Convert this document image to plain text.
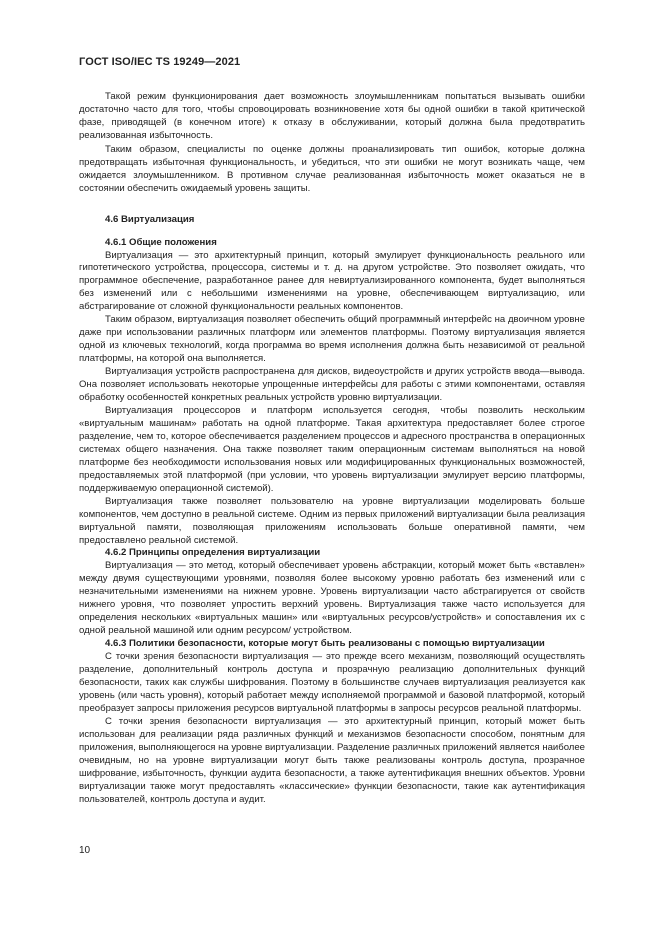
ГОСТ ISO/IEC TS 19249—2021

Такой режим функционирования дает возможность злоумышленникам попытаться вызывать ошибки достаточно часто для того, чтобы спровоцировать возникновение хотя бы одной ошибки в такой критической фазе, приводящей (в конечном итоге) к отказу в обслуживании, который должна была предотвратить реализованная избыточность.

Таким образом, специалисты по оценке должны проанализировать тип ошибок, которые должна предотвращать избыточная функциональность, и убедиться, что эти ошибки не могут возникать чаще, чем ожидается злоумышленником. В противном случае реализованная избыточность может оказаться не в состоянии обеспечить ожидаемый уровень защиты.

4.6 Виртуализация
4.6.1 Общие положения

Виртуализация — это архитектурный принцип, который эмулирует функциональность реального или гипотетического устройства, процессора, системы и т. д. на другом устройстве. Это позволяет ожидать, что программное обеспечение, разработанное ранее для невиртуализированного компонента, будет выполняться без изменений или с небольшими изменениями на уровне, обеспечивающем виртуализацию, или абстрагирование от сложной функциональности реальных компонентов.

Таким образом, виртуализация позволяет обеспечить общий программный интерфейс на двоичном уровне даже при использовании различных платформ или элементов платформы. Поэтому виртуализация является одной из ключевых технологий, когда программа во время исполнения должна быть независимой от реальной платформы, на которой она выполняется.

Виртуализация устройств распространена для дисков, видеоустройств и других устройств ввода—вывода. Она позволяет использовать некоторые упрощенные интерфейсы для работы с этими компонентами, оставляя обработку особенностей конкретных реальных устройств уровню виртуализации.

Виртуализация процессоров и платформ используется сегодня, чтобы позволить нескольким «виртуальным машинам» работать на одной платформе. Такая архитектура предоставляет более строгое разделение, чем то, которое обеспечивается разделением процессов и адресного пространства в операционных системах общего назначения. Она также позволяет таким операционным системам выполняться на новой платформе без необходимости использования новых или модифицированных функциональных возможностей, предоставляемых этой платформой (при условии, что уровень виртуализации эмулирует версию платформы, поддерживаемую операционной системой).

Виртуализация также позволяет пользователю на уровне виртуализации моделировать больше компонентов, чем доступно в реальной системе. Одним из первых приложений виртуализации была реализация виртуальной памяти, позволяющая приложениям использовать больше оперативной памяти, чем предоставлено реальной системой.

4.6.2 Принципы определения виртуализации

Виртуализация — это метод, который обеспечивает уровень абстракции, который может быть «вставлен» между двумя существующими уровнями, позволяя более высокому уровню работать без изменений или с незначительными изменениями на нижнем уровне. Уровень виртуализации часто абстрагируется от свойств нижнего уровня, что позволяет упростить верхний уровень. Виртуализация также часто используется для определения нескольких «виртуальных машин» или «виртуальных ресурсов/устройств» и сопоставления их с одной реальной машиной или одним ресурсом/ устройством.

4.6.3 Политики безопасности, которые могут быть реализованы с помощью виртуализации

С точки зрения безопасности виртуализация — это прежде всего механизм, позволяющий осуществлять разделение, дополнительный контроль доступа и прозрачную реализацию дополнительных функций безопасности, таких как службы шифрования. Поэтому в большинстве случаев виртуализация реализуется как уровень (или часть уровня), который работает между исполняемой программой и базовой платформой, который преобразует запросы приложения ресурсов виртуальной платформы в запросы ресурсов реальной платформы.

С точки зрения безопасности виртуализация — это архитектурный принцип, который может быть использован для реализации ряда различных функций и механизмов безопасности способом, понятным для приложения, выполняющегося на уровне виртуализации. Разделение различных приложений является наиболее очевидным, но на уровне виртуализации могут быть также реализованы контроль доступа, прозрачное шифрование, избыточность, функции аудита безопасности, а также аутентификация внешних объектов. Уровни виртуализации также могут предоставлять «классические» функции безопасности, такие как аутентификация пользователей, контроль доступа и аудит.

10
